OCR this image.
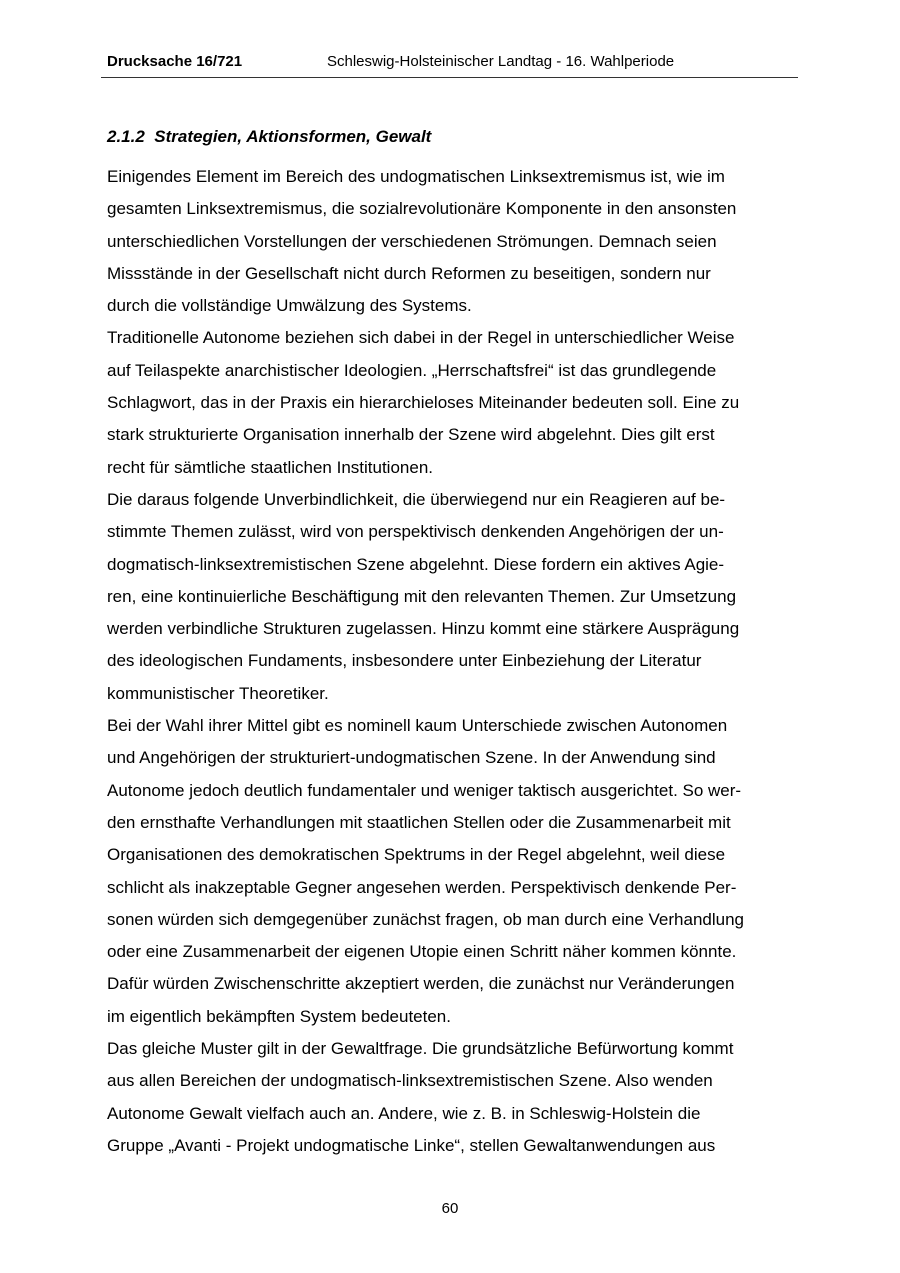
Drucksache 16/721	Schleswig-Holsteinischer Landtag - 16. Wahlperiode
2.1.2  Strategien, Aktionsformen, Gewalt
Einigendes Element im Bereich des undogmatischen Linksextremismus ist, wie im
gesamten Linksextremismus, die sozialrevolutionäre Komponente in den ansonsten
unterschiedlichen Vorstellungen der verschiedenen Strömungen. Demnach seien
Missstände in der Gesellschaft nicht durch Reformen zu beseitigen, sondern nur
durch die vollständige Umwälzung des Systems.
Traditionelle Autonome beziehen sich dabei in der Regel in unterschiedlicher Weise
auf Teilaspekte anarchistischer Ideologien. „Herrschaftsfrei“ ist das grundlegende
Schlagwort, das in der Praxis ein hierarchieloses Miteinander bedeuten soll. Eine zu
stark strukturierte Organisation innerhalb der Szene wird abgelehnt. Dies gilt erst
recht für sämtliche staatlichen Institutionen.
Die daraus folgende Unverbindlichkeit, die überwiegend nur ein Reagieren auf be-
stimmte Themen zulässt, wird von perspektivisch denkenden Angehörigen der un-
dogmatisch-linksextremistischen Szene abgelehnt. Diese fordern ein aktives Agie-
ren, eine kontinuierliche Beschäftigung mit den relevanten Themen. Zur Umsetzung
werden verbindliche Strukturen zugelassen. Hinzu kommt eine stärkere Ausprägung
des ideologischen Fundaments, insbesondere unter Einbeziehung der Literatur
kommunistischer Theoretiker.
Bei der Wahl ihrer Mittel gibt es nominell kaum Unterschiede zwischen Autonomen
und Angehörigen der strukturiert-undogmatischen Szene. In der Anwendung sind
Autonome jedoch deutlich fundamentaler und weniger taktisch ausgerichtet. So wer-
den ernsthafte Verhandlungen mit staatlichen Stellen oder die Zusammenarbeit mit
Organisationen des demokratischen Spektrums in der Regel abgelehnt, weil diese
schlicht als inakzeptable Gegner angesehen werden. Perspektivisch denkende Per-
sonen würden sich demgegenüber zunächst fragen, ob man durch eine Verhandlung
oder eine Zusammenarbeit der eigenen Utopie einen Schritt näher kommen könnte.
Dafür würden Zwischenschritte akzeptiert werden, die zunächst nur Veränderungen
im eigentlich bekämpften System bedeuteten.
Das gleiche Muster gilt in der Gewaltfrage. Die grundsätzliche Befürwortung kommt
aus allen Bereichen der undogmatisch-linksextremistischen Szene. Also wenden
Autonome Gewalt vielfach auch an. Andere, wie z. B. in Schleswig-Holstein die
Gruppe „Avanti - Projekt undogmatische Linke“, stellen Gewaltanwendungen aus
60
